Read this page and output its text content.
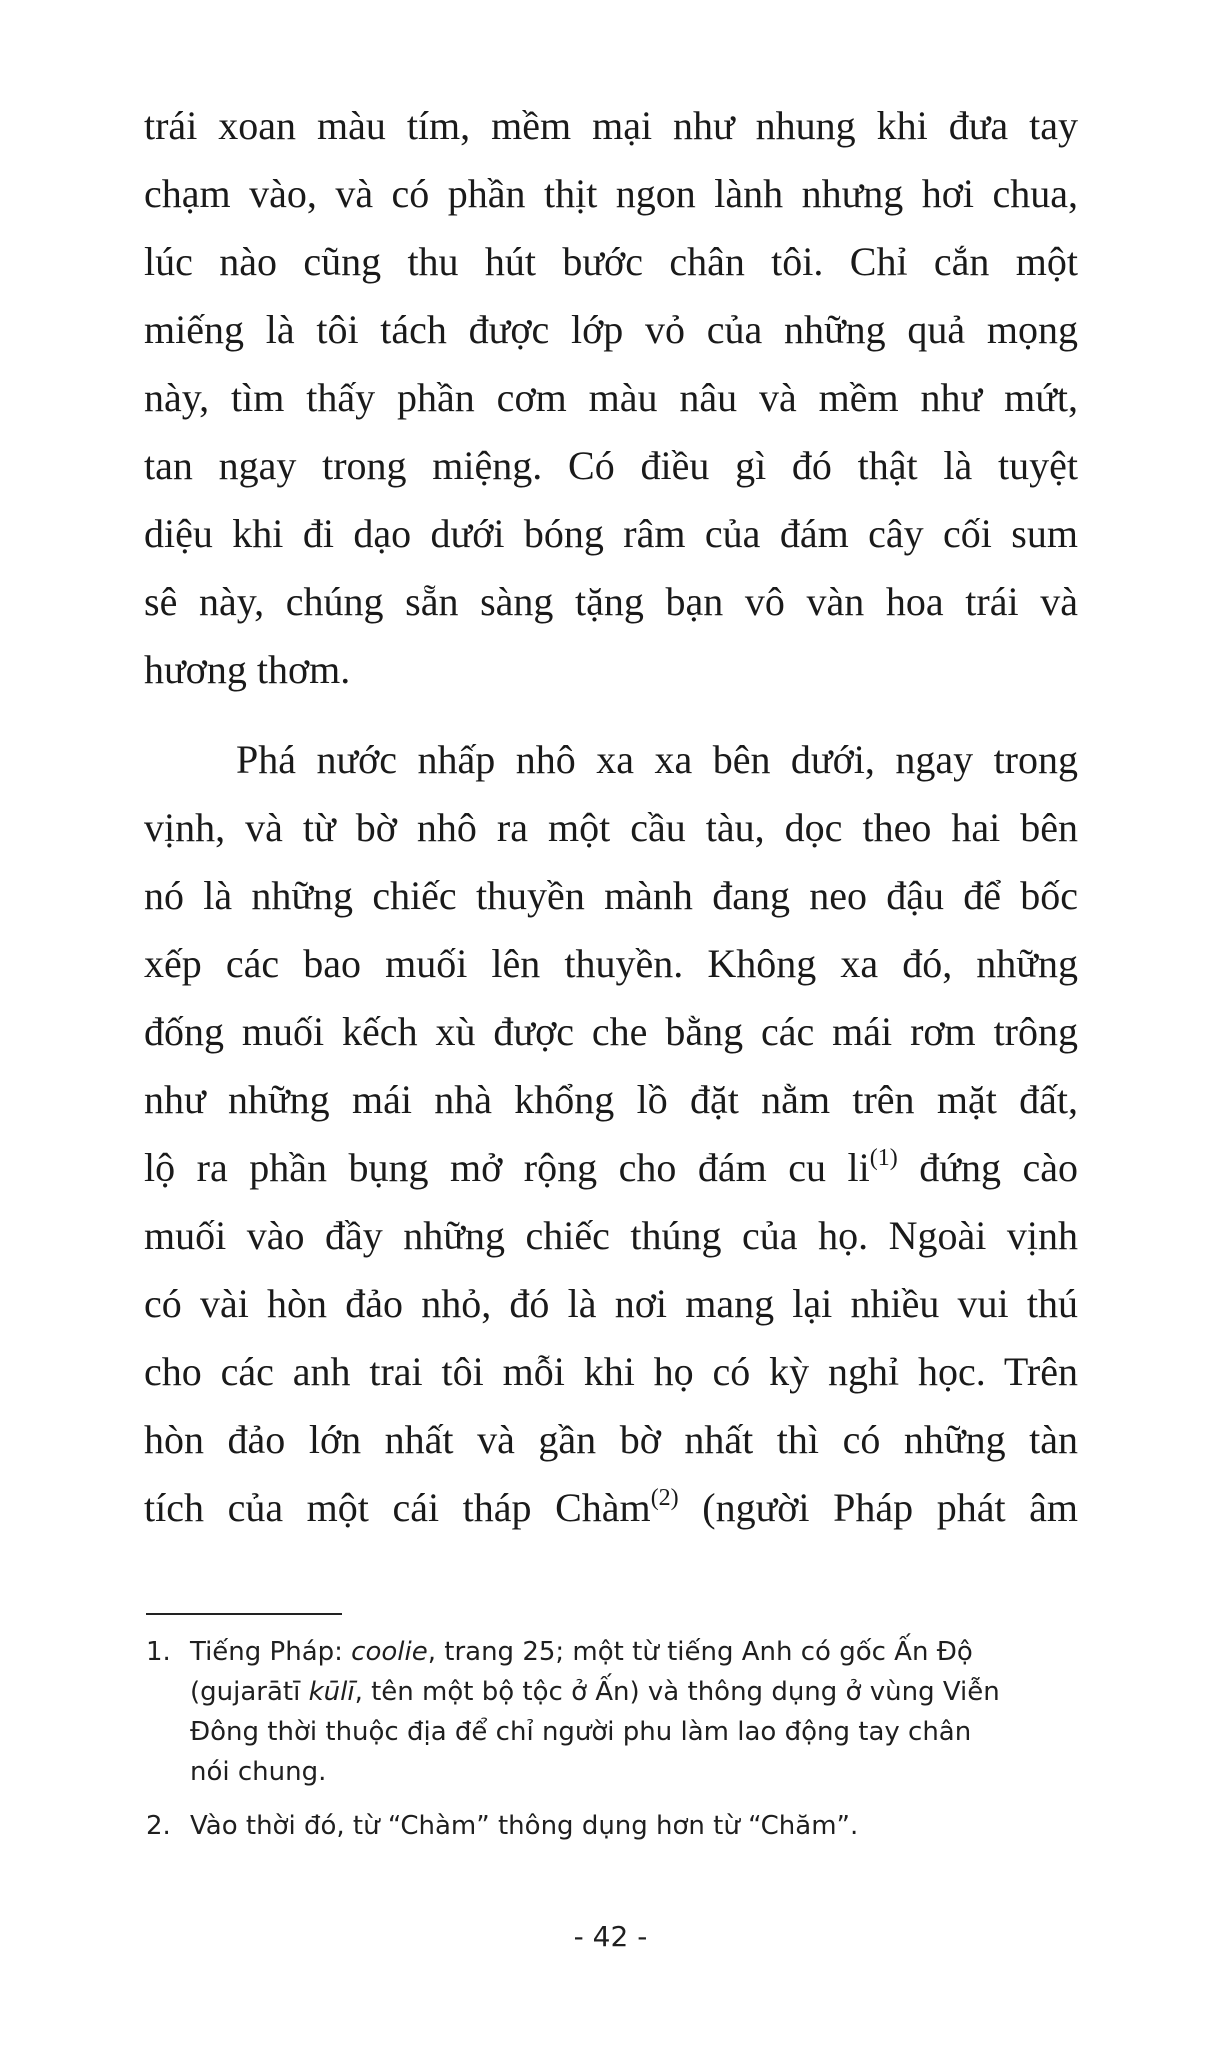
trái xoan màu tím, mềm mại như nhung khi đưa tay
chạm vào, và có phần thịt ngon lành nhưng hơi chua,
lúc nào cũng thu hút bước chân tôi. Chỉ cắn một
miếng là tôi tách được lớp vỏ của những quả mọng
này, tìm thấy phần cơm màu nâu và mềm như mứt,
tan ngay trong miệng. Có điều gì đó thật là tuyệt
diệu khi đi dạo dưới bóng râm của đám cây cối sum
sê này, chúng sẵn sàng tặng bạn vô vàn hoa trái và
hương thơm.
Phá nước nhấp nhô xa xa bên dưới, ngay trong
vịnh, và từ bờ nhô ra một cầu tàu, dọc theo hai bên
nó là những chiếc thuyền mành đang neo đậu để bốc
xếp các bao muối lên thuyền. Không xa đó, những
đống muối kếch xù được che bằng các mái rơm trông
như những mái nhà khổng lồ đặt nằm trên mặt đất,
lộ ra phần bụng mở rộng cho đám cu li$^{(1)}$ đứng cào
muối vào đầy những chiếc thúng của họ. Ngoài vịnh
có vài hòn đảo nhỏ, đó là nơi mang lại nhiều vui thú
cho các anh trai tôi mỗi khi họ có kỳ nghỉ học. Trên
hòn đảo lớn nhất và gần bờ nhất thì có những tàn
tích của một cái tháp Chàm$^{(2)}$ (người Pháp phát âm
1. Tiếng Pháp: coolie, trang 25; một từ tiếng Anh có gốc Ấn Độ
(gujarātī kūlī, tên một bộ tộc ở Ấn) và thông dụng ở vùng Viễn
Đông thời thuộc địa để chỉ người phu làm lao động tay chân
nói chung.
2. Vào thời đó, từ “Chàm” thông dụng hơn từ “Chăm”.
- 42 -
